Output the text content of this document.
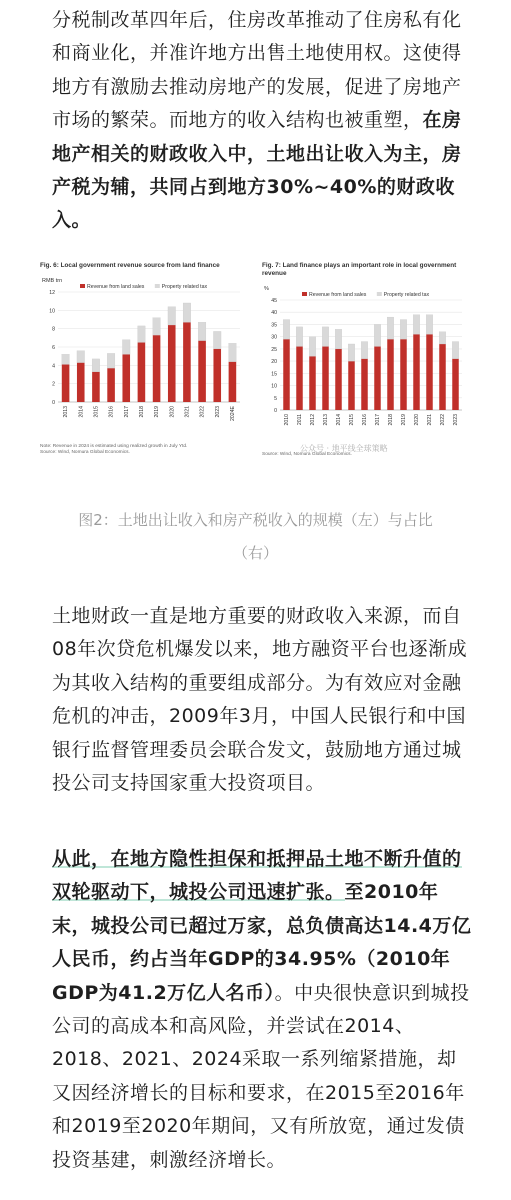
分税制改革四年后，住房改革推动了住房私有化和商业化，并准许地方出售土地使用权。这使得地方有激励去推动房地产的发展，促进了房地产市场的繁荣。而地方的收入结构也被重塑，在房地产相关的财政收入中，土地出让收入为主，房产税为辅，共同占到地方30%~40%的财政收入。
Fig. 6: Local government revenue source from land finance
RMB trn
Revenue from land sales	Property related tax
0
2
4
6
8
10
12
2013 2014 2015 2016 2017 2018 2019 2020 2021 2022 2023 2024E
Note: Revenue in 2024 is estimated using realized growth in July Ytd.
Source: Wind, Nomura Global Economics.
Fig. 7: Land finance plays an important role in local government revenue
%
Revenue from land sales	Property related tax
0
5
10
15
20
25
30
35
40
45
2010 2011 2012 2013 2014 2015 2016 2017 2018 2019 2020 2021 2022 2023
Source: Wind, Nomura Global Economics.
公众号 · 地平线全球策略
图2：土地出让收入和房产税收入的规模（左）与占比（右）
土地财政一直是地方重要的财政收入来源，而自08年次贷危机爆发以来，地方融资平台也逐渐成为其收入结构的重要组成部分。为有效应对金融危机的冲击，2009年3月，中国人民银行和中国银行监督管理委员会联合发文，鼓励地方通过城投公司支持国家重大投资项目。
从此，在地方隐性担保和抵押品土地不断升值的双轮驱动下，城投公司迅速扩张。至2010年末，城投公司已超过万家，总负债高达14.4万亿人民币，约占当年GDP的34.95%（2010年GDP为41.2万亿人名币）。中央很快意识到城投公司的高成本和高风险，并尝试在2014、2018、2021、2024采取一系列缩紧措施，却又因经济增长的目标和要求，在2015至2016年和2019至2020年期间，又有所放宽，通过发债投资基建，刺激经济增长。
